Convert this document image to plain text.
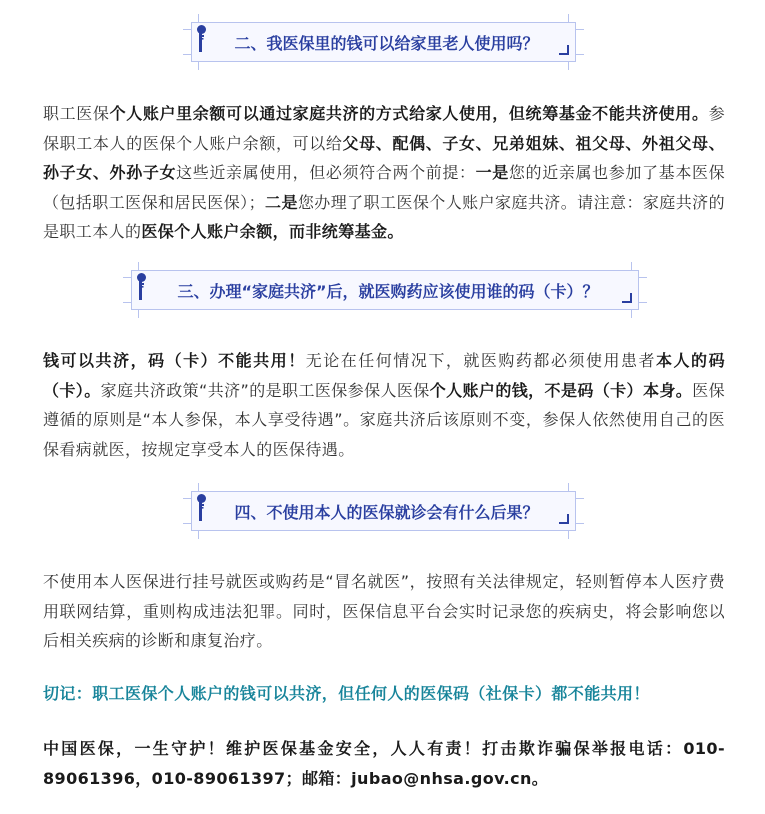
二、我医保里的钱可以给家里老人使用吗？
职工医保个人账户里余额可以通过家庭共济的方式给家人使用，但统筹基金不能共济使用。参保职工本人的医保个人账户余额，可以给父母、配偶、子女、兄弟姐妹、祖父母、外祖父母、孙子女、外孙子女这些近亲属使用，但必须符合两个前提：一是您的近亲属也参加了基本医保（包括职工医保和居民医保）；二是您办理了职工医保个人账户家庭共济。请注意：家庭共济的是职工本人的医保个人账户余额，而非统筹基金。
三、办理“家庭共济”后，就医购药应该使用谁的码（卡）？
钱可以共济，码（卡）不能共用！无论在任何情况下，就医购药都必须使用患者本人的码（卡）。家庭共济政策“共济”的是职工医保参保人医保个人账户的钱，不是码（卡）本身。医保遵循的原则是“本人参保，本人享受待遇”。家庭共济后该原则不变，参保人依然使用自己的医保看病就医，按规定享受本人的医保待遇。
四、不使用本人的医保就诊会有什么后果？
不使用本人医保进行挂号就医或购药是“冒名就医”，按照有关法律规定，轻则暂停本人医疗费用联网结算，重则构成违法犯罪。同时，医保信息平台会实时记录您的疾病史，将会影响您以后相关疾病的诊断和康复治疗。
切记：职工医保个人账户的钱可以共济，但任何人的医保码（社保卡）都不能共用！
中国医保，一生守护！维护医保基金安全，人人有责！打击欺诈骗保举报电话：010-89061396，010-89061397；邮箱：jubao@nhsa.gov.cn。
